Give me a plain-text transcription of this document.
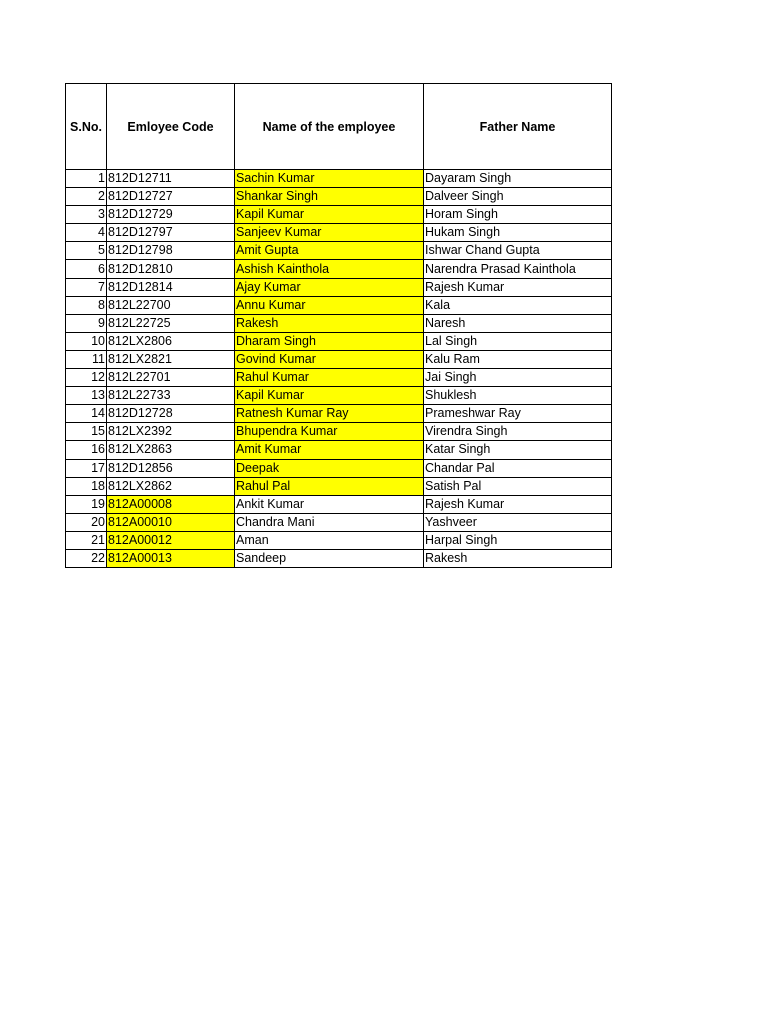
S.No.	Emloyee Code	Name of the employee	Father Name
1	812D12711	Sachin Kumar	Dayaram Singh
2	812D12727	Shankar Singh	Dalveer Singh
3	812D12729	Kapil Kumar	Horam Singh
4	812D12797	Sanjeev Kumar	Hukam Singh
5	812D12798	Amit Gupta	Ishwar Chand Gupta
6	812D12810	Ashish Kainthola	Narendra Prasad Kainthola
7	812D12814	Ajay Kumar	Rajesh Kumar
8	812L22700	Annu Kumar	Kala
9	812L22725	Rakesh	Naresh
10	812LX2806	Dharam Singh	Lal Singh
11	812LX2821	Govind Kumar	Kalu Ram
12	812L22701	Rahul Kumar	Jai Singh
13	812L22733	Kapil Kumar	Shuklesh
14	812D12728	Ratnesh Kumar Ray	Prameshwar Ray
15	812LX2392	Bhupendra Kumar	Virendra Singh
16	812LX2863	Amit Kumar	Katar Singh
17	812D12856	Deepak	Chandar Pal
18	812LX2862	Rahul Pal	Satish Pal
19	812A00008	Ankit Kumar	Rajesh Kumar
20	812A00010	Chandra Mani	Yashveer
21	812A00012	Aman	Harpal Singh
22	812A00013	Sandeep	Rakesh
